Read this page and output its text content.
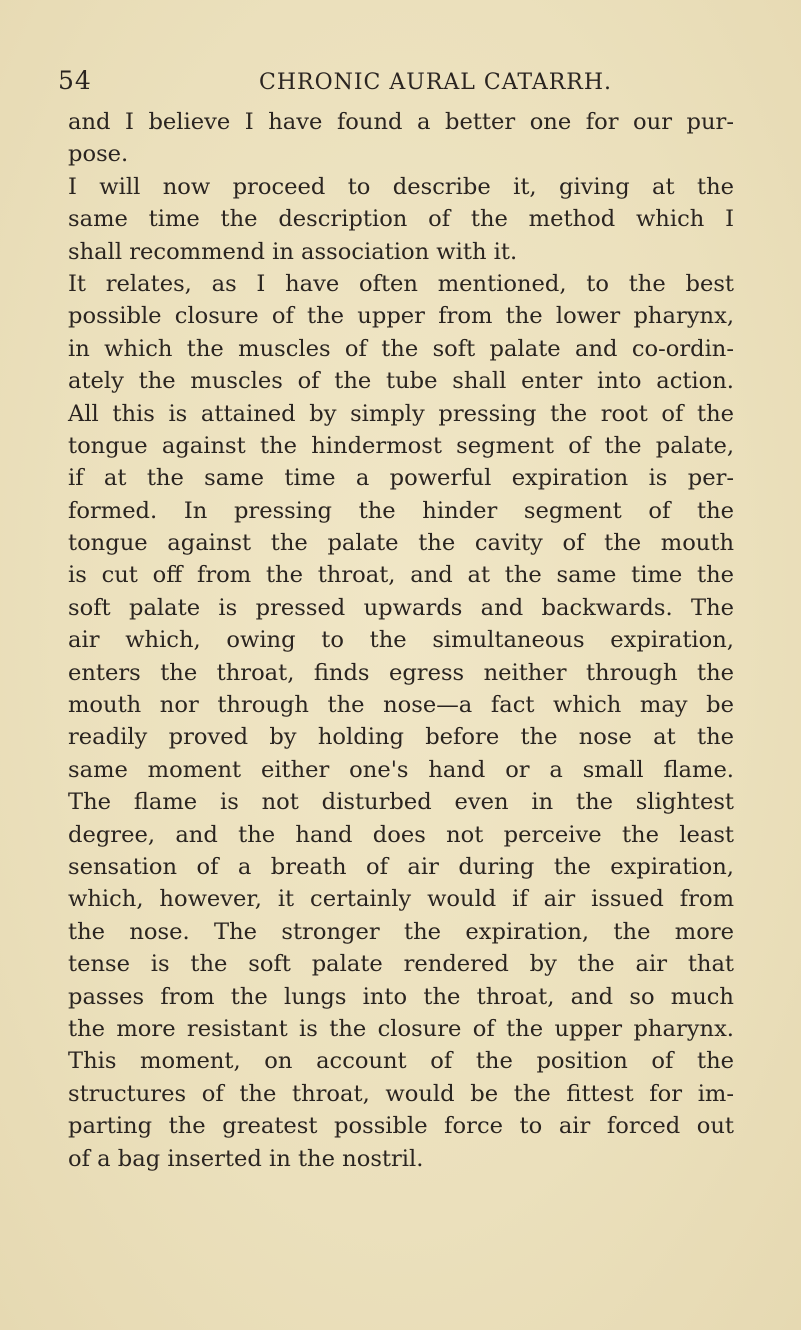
54	CHRONIC AURAL CATARRH.
and I believe I have found a better one for our pur-
pose.
I will now proceed to describe it, giving at the
same time the description of the method which I
shall recommend in association with it.
It relates, as I have often mentioned, to the best
possible closure of the upper from the lower pharynx,
in which the muscles of the soft palate and co-ordin-
ately the muscles of the tube shall enter into action.
All this is attained by simply pressing the root of the
tongue against the hindermost segment of the palate,
if at the same time a powerful expiration is per-
formed. In pressing the hinder segment of the
tongue against the palate the cavity of the mouth
is cut off from the throat, and at the same time the
soft palate is pressed upwards and backwards. The
air which, owing to the simultaneous expiration,
enters the throat, finds egress neither through the
mouth nor through the nose—a fact which may be
readily proved by holding before the nose at the
same moment either one's hand or a small flame.
The flame is not disturbed even in the slightest
degree, and the hand does not perceive the least
sensation of a breath of air during the expiration,
which, however, it certainly would if air issued from
the nose. The stronger the expiration, the more
tense is the soft palate rendered by the air that
passes from the lungs into the throat, and so much
the more resistant is the closure of the upper pharynx.
This moment, on account of the position of the
structures of the throat, would be the fittest for im-
parting the greatest possible force to air forced out
of a bag inserted in the nostril.
